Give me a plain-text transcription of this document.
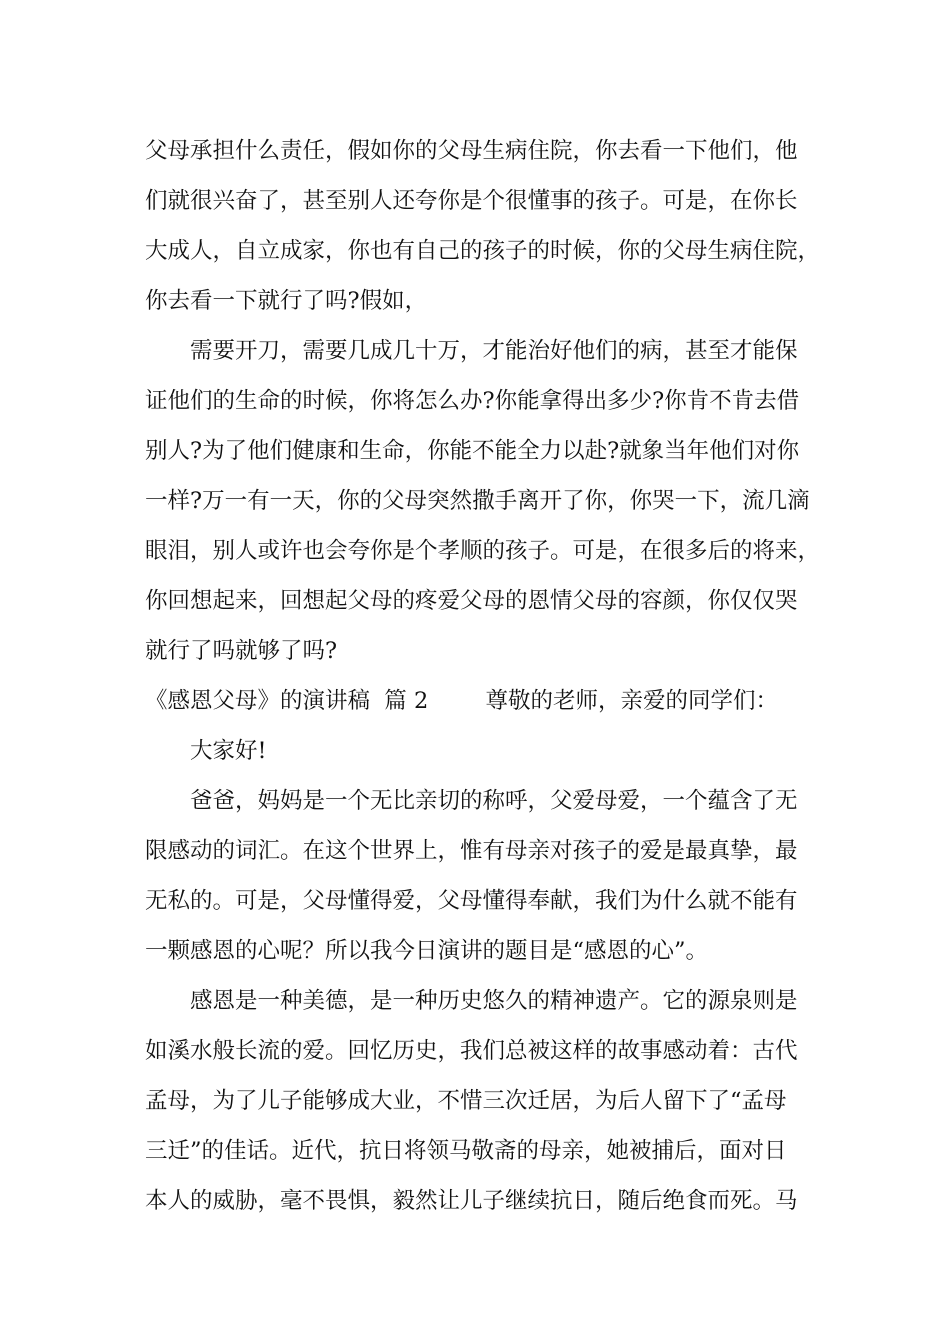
父母承担什么责任，假如你的父母生病住院，你去看一下他们，他
们就很兴奋了，甚至别人还夸你是个很懂事的孩子。可是，在你长
大成人，自立成家，你也有自己的孩子的时候，你的父母生病住院，
你去看一下就行了吗?假如，
需要开刀，需要几成几十万，才能治好他们的病，甚至才能保
证他们的生命的时候，你将怎么办?你能拿得出多少?你肯不肯去借
别人?为了他们健康和生命，你能不能全力以赴?就象当年他们对你
一样?万一有一天，你的父母突然撒手离开了你，你哭一下，流几滴
眼泪，别人或许也会夸你是个孝顺的孩子。可是，在很多后的将来，
你回想起来，回想起父母的疼爱父母的恩情父母的容颜，你仅仅哭
就行了吗就够了吗?
《感恩父母》的演讲稿  篇 2        尊敬的老师，亲爱的同学们：
大家好!
爸爸，妈妈是一个无比亲切的称呼，父爱母爱，一个蕴含了无
限感动的词汇。在这个世界上，惟有母亲对孩子的爱是最真挚，最
无私的。可是，父母懂得爱，父母懂得奉献，我们为什么就不能有
一颗感恩的心呢？所以我今日演讲的题目是“感恩的心”。
感恩是一种美德，是一种历史悠久的精神遗产。它的源泉则是
如溪水般长流的爱。回忆历史，我们总被这样的故事感动着：古代
孟母，为了儿子能够成大业，不惜三次迁居，为后人留下了“孟母
三迁”的佳话。近代，抗日将领马敬斋的母亲，她被捕后，面对日
本人的威胁，毫不畏惧，毅然让儿子继续抗日，随后绝食而死。马
